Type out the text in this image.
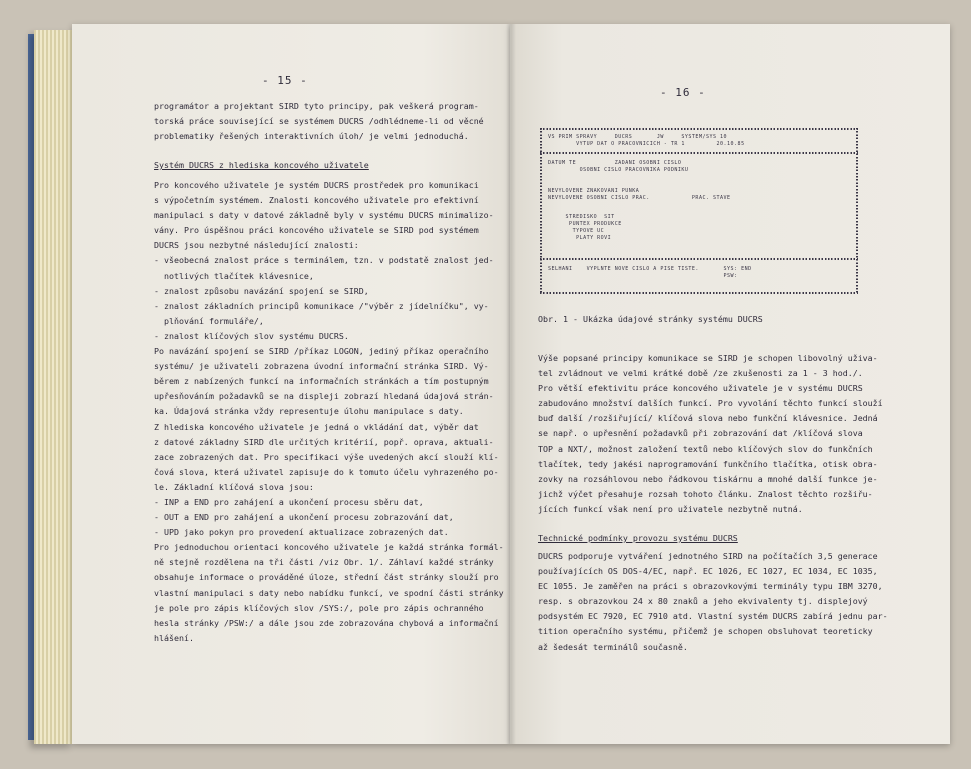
- 15 -
programátor a projektant SIRD tyto principy, pak veškerá program-
torská práce související se systémem DUCRS /odhlédneme-li od věcné
problematiky řešených interaktivních úloh/ je velmi jednoduchá.
Systém DUCRS z hlediska koncového uživatele
Pro koncového uživatele je systém DUCRS prostředek pro komunikaci
s výpočetním systémem. Znalosti koncového uživatele pro efektivní
manipulaci s daty v datové základně byly v systému DUCRS minimalizo-
vány. Pro úspěšnou práci koncového uživatele se SIRD pod systémem
DUCRS jsou nezbytné následující znalosti:
- všeobecná znalost práce s terminálem, tzn. v podstatě znalost jed-
notlivých tlačítek klávesnice,
- znalost způsobu navázání spojení se SIRD,
- znalost základních principů komunikace /"výběr z jídelníčku", vy-
plňování formuláře/,
- znalost klíčových slov systému DUCRS.
Po navázání spojení se SIRD /příkaz LOGON, jediný příkaz operačního
systému/ je uživateli zobrazena úvodní informační stránka SIRD. Vý-
běrem z nabízených funkcí na informačních stránkách a tím postupným
upřesňováním požadavků se na displeji zobrazí hledaná údajová strán-
ka. Údajová stránka vždy representuje úlohu manipulace s daty.
Z hlediska koncového uživatele je jedná o vkládání dat, výběr dat
z datové základny SIRD dle určitých kritérií, popř. oprava, aktuali-
zace zobrazených dat. Pro specifikaci výše uvedených akcí slouží klí-
čová slova, která uživatel zapisuje do k tomuto účelu vyhrazeného po-
le. Základní klíčová slova jsou:
- INP a END pro zahájení a ukončení procesu sběru dat,
- OUT a END pro zahájení a ukončení procesu zobrazování dat,
- UPD jako pokyn pro provedení aktualizace zobrazených dat.
Pro jednoduchou orientaci koncového uživatele je každá stránka formál-
ně stejně rozdělena na tři části /viz Obr. 1/. Záhlaví každé stránky
obsahuje informace o prováděné úloze, střední část stránky slouží pro
vlastní manipulaci s daty nebo nabídku funkcí, ve spodní části stránky
je pole pro zápis klíčových slov /SYS:/, pole pro zápis ochranného
hesla stránky /PSW:/ a dále jsou zde zobrazována chybová a informační
hlášení.
- 16 -
VS PRIM SPRAVY     DUCRS       JW     SYSTEM/SYS 10
VYTUP DAT O PRACOVNICICH - TR 1         20.10.85
DATUM TE           ZADANI OSOBNI CISLO
OSOBNI CISLO PRACOVNIKA PODNIKU
NEVYLOVENE ZNAKOVANI PUNKA
NEVYLOVENE OSOBNI CISLO PRAC.            PRAC. STAVE
STREDISKO  SIT
PUNTEX PRODUKCE
TYPOVE UC
PLATY ROVI
SELHANI    VYPLNTE NOVE CISLO A PISE TISTE.       SYS: END
PSW:
Obr. 1 - Ukázka údajové stránky systému DUCRS
Výše popsané principy komunikace se SIRD je schopen libovolný uživa-
tel zvládnout ve velmi krátké době /ze zkušenosti za 1 - 3 hod./.
Pro větší efektivitu práce koncového uživatele je v systému DUCRS
zabudováno množství dalších funkcí. Pro vyvolání těchto funkcí slouží
buď další /rozšiřující/ klíčová slova nebo funkční klávesnice. Jedná
se např. o upřesnění požadavků při zobrazování dat /klíčová slova
TOP a NXT/, možnost založení textů nebo klíčových slov do funkčních
tlačítek, tedy jakési naprogramování funkčního tlačítka, otisk obra-
zovky na rozsáhlovou nebo řádkovou tiskárnu a mnohé další funkce je-
jichž výčet přesahuje rozsah tohoto článku. Znalost těchto rozšiřu-
jících funkcí však není pro uživatele nezbytně nutná.
Technické podmínky provozu systému DUCRS
DUCRS podporuje vytváření jednotného SIRD na počítačích 3,5 generace
používajících OS DOS-4/EC, např. EC 1026, EC 1027, EC 1034, EC 1035,
EC 1055. Je zaměřen na práci s obrazovkovými terminály typu IBM 3270,
resp. s obrazovkou 24 x 80 znaků a jeho ekvivalenty tj. displejový
podsystém EC 7920, EC 7910 atd. Vlastní systém DUCRS zabírá jednu par-
tition operačního systému, přičemž je schopen obsluhovat teoreticky
až šedesát terminálů současně.
